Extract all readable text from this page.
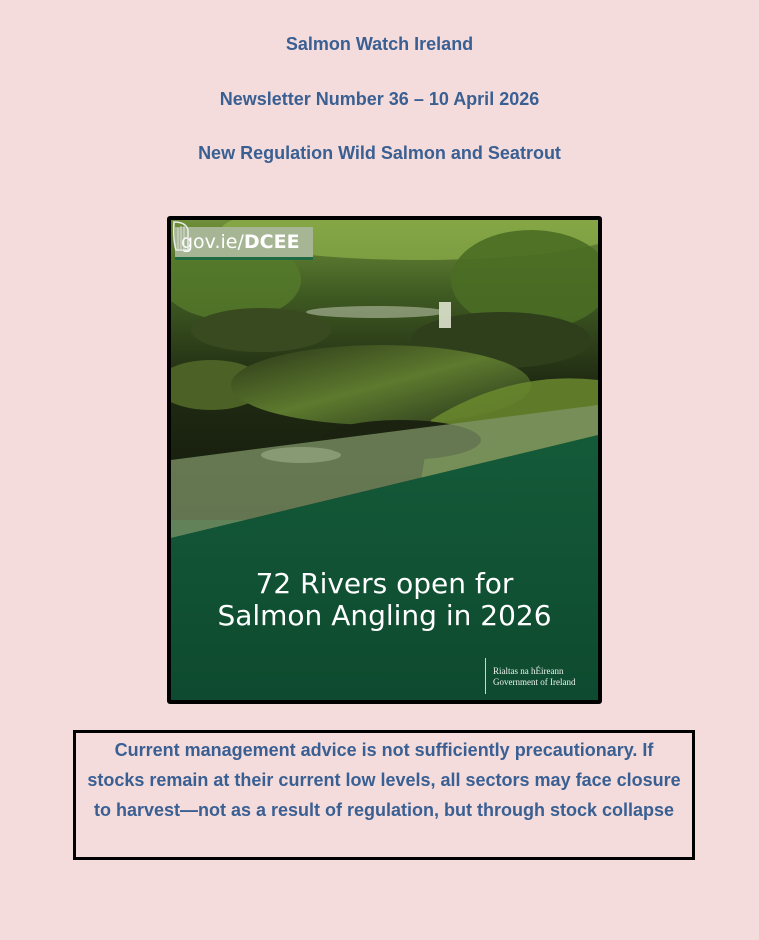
Salmon Watch Ireland

Newsletter Number 36 – 10 April 2026

New Regulation Wild Salmon and Seatrout

gov.ie/DCEE
72 Rivers open for
Salmon Angling in 2026
Rialtas na hÉireann
Government of Ireland
Current management advice is not sufficiently precautionary. If stocks remain at their current low levels, all sectors may face closure to harvest—not as a result of regulation, but through stock collapse
